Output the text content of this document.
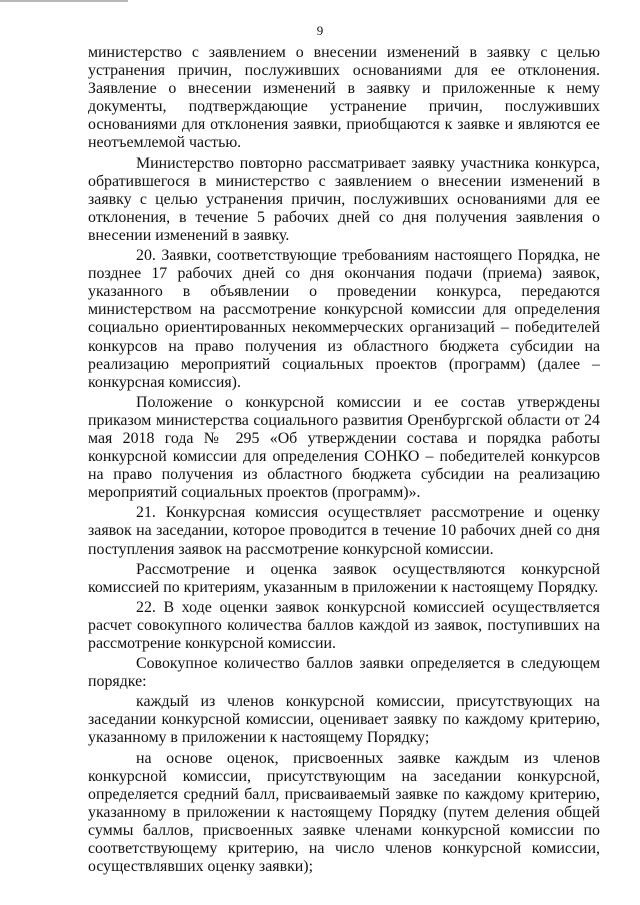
9

министерство с заявлением о внесении изменений в заявку с целью устранения причин, послуживших основаниями для ее отклонения. Заявление о внесении изменений в заявку и приложенные к нему документы, подтверждающие устранение причин, послуживших основаниями для отклонения заявки, приобщаются к заявке и являются ее неотъемлемой частью.

Министерство повторно рассматривает заявку участника конкурса, обратившегося в министерство с заявлением о внесении изменений в заявку с целью устранения причин, послуживших основаниями для ее отклонения, в течение 5 рабочих дней со дня получения заявления о внесении изменений в заявку.

20. Заявки, соответствующие требованиям настоящего Порядка, не позднее 17 рабочих дней со дня окончания подачи (приема) заявок, указанного в объявлении о проведении конкурса, передаются министерством на рассмотрение конкурсной комиссии для определения социально ориентированных некоммерческих организаций – победителей конкурсов на право получения из областного бюджета субсидии на реализацию мероприятий социальных проектов (программ) (далее – конкурсная комиссия).

Положение о конкурсной комиссии и ее состав утверждены приказом министерства социального развития Оренбургской области от 24 мая 2018 года № 295 «Об утверждении состава и порядка работы конкурсной комиссии для определения СОНКО – победителей конкурсов на право получения из областного бюджета субсидии на реализацию мероприятий социальных проектов (программ)».

21. Конкурсная комиссия осуществляет рассмотрение и оценку заявок на заседании, которое проводится в течение 10 рабочих дней со дня поступления заявок на рассмотрение конкурсной комиссии.

Рассмотрение и оценка заявок осуществляются конкурсной комиссией по критериям, указанным в приложении к настоящему Порядку.

22. В ходе оценки заявок конкурсной комиссией осуществляется расчет совокупного количества баллов каждой из заявок, поступивших на рассмотрение конкурсной комиссии.

Совокупное количество баллов заявки определяется в следующем порядке:

каждый из членов конкурсной комиссии, присутствующих на заседании конкурсной комиссии, оценивает заявку по каждому критерию, указанному в приложении к настоящему Порядку;

на основе оценок, присвоенных заявке каждым из членов конкурсной комиссии, присутствующим на заседании конкурсной, определяется средний балл, присваиваемый заявке по каждому критерию, указанному в приложении к настоящему Порядку (путем деления общей суммы баллов, присвоенных заявке членами конкурсной комиссии по соответствующему критерию, на число членов конкурсной комиссии, осуществлявших оценку заявки);
